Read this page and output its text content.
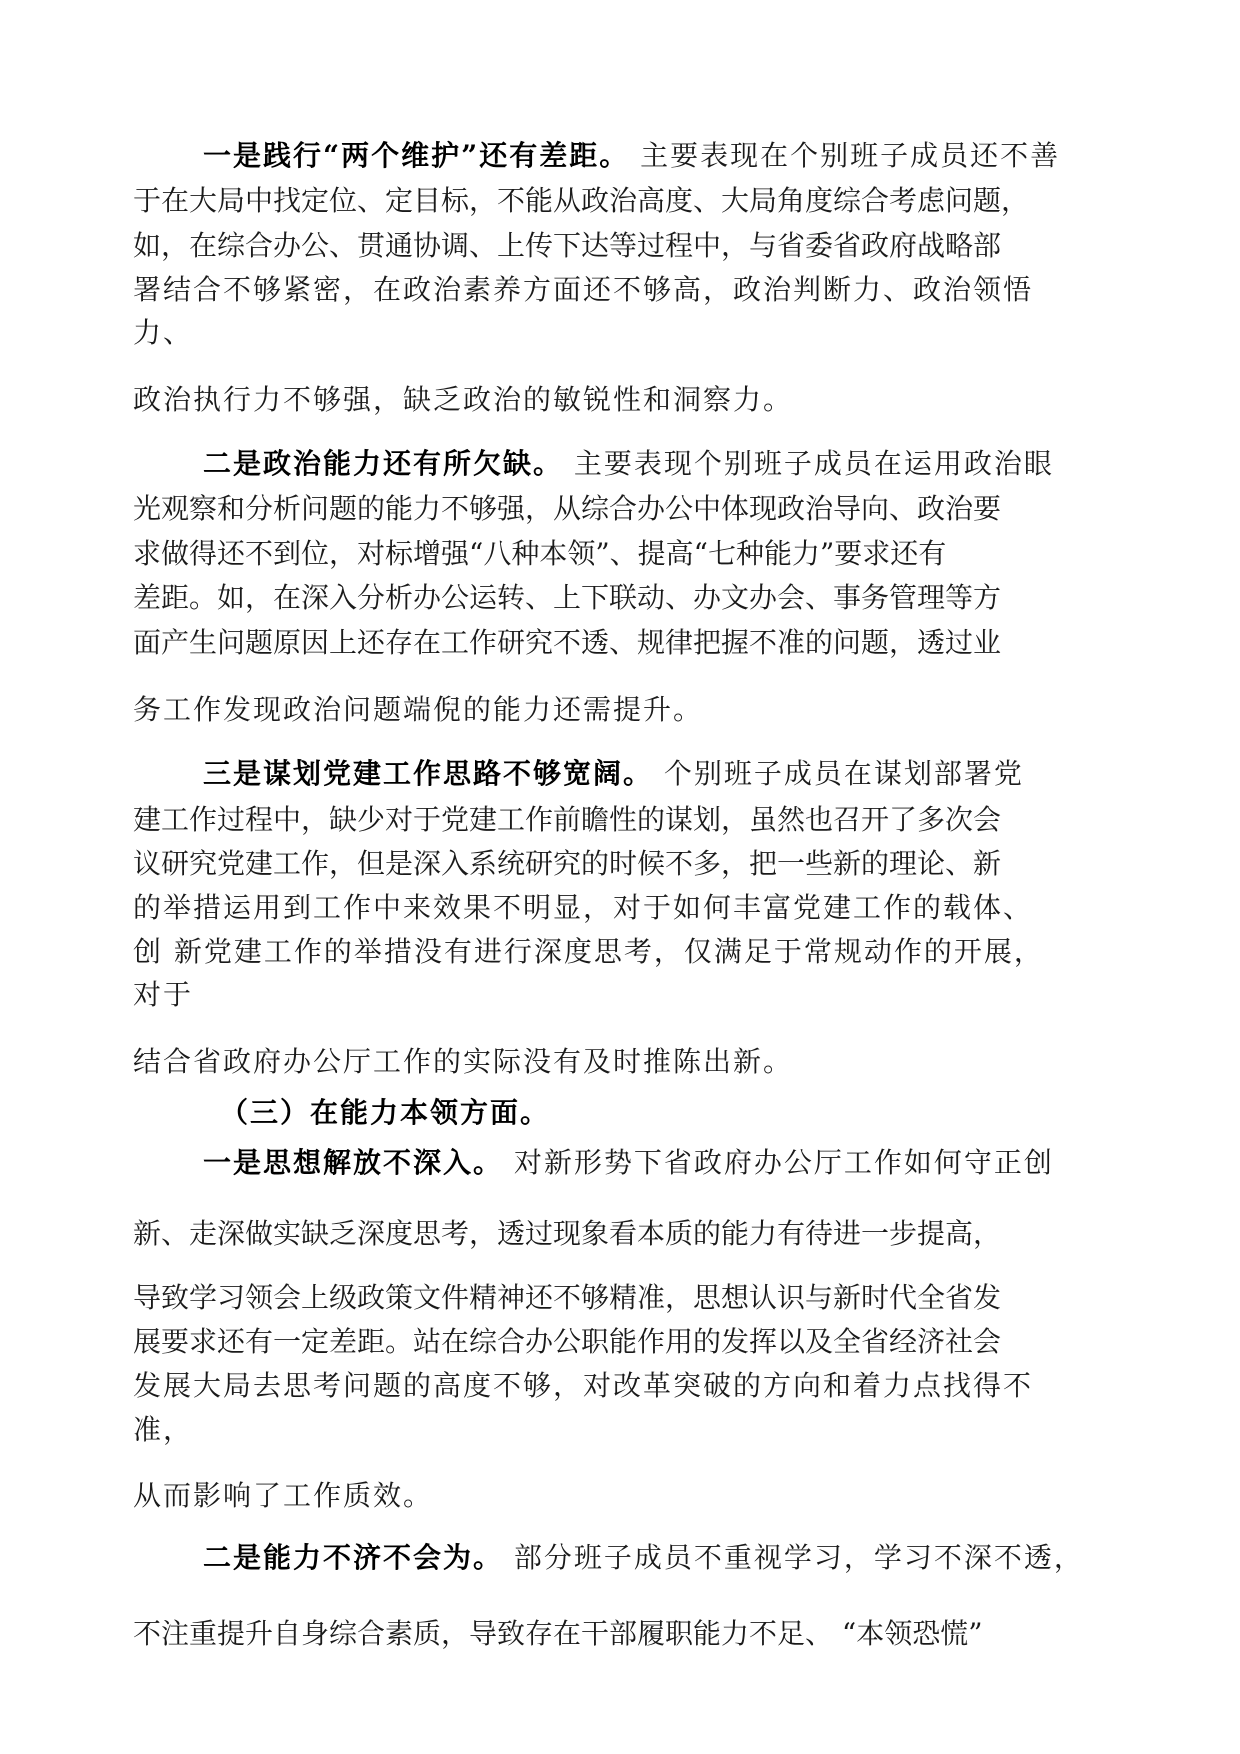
一是践行“两个维护”还有差距。 主要表现在个别班子成员还不善
于在大局中找定位、定目标，不能从政治高度、大局角度综合考虑问题，
如，在综合办公、贯通协调、上传下达等过程中，与省委省政府战略部
署结合不够紧密，在政治素养方面还不够高，政治判断力、政治领悟
力、
政治执行力不够强，缺乏政治的敏锐性和洞察力。
二是政治能力还有所欠缺。 主要表现个别班子成员在运用政治眼
光观察和分析问题的能力不够强，从综合办公中体现政治导向、政治要
求做得还不到位，对标增强“八种本领”、提高“七种能力”要求还有
差距。如，在深入分析办公运转、上下联动、办文办会、事务管理等方
面产生问题原因上还存在工作研究不透、规律把握不准的问题，透过业
务工作发现政治问题端倪的能力还需提升。
三是谋划党建工作思路不够宽阔。 个别班子成员在谋划部署党
建工作过程中，缺少对于党建工作前瞻性的谋划，虽然也召开了多次会
议研究党建工作，但是深入系统研究的时候不多，把一些新的理论、新
的举措运用到工作中来效果不明显，对于如何丰富党建工作的载体、
创 新党建工作的举措没有进行深度思考，仅满足于常规动作的开展，
对于
结合省政府办公厅工作的实际没有及时推陈出新。
（三）在能力本领方面。
一是思想解放不深入。 对新形势下省政府办公厅工作如何守正创
新、走深做实缺乏深度思考，透过现象看本质的能力有待进一步提高，
导致学习领会上级政策文件精神还不够精准，思想认识与新时代全省发
展要求还有一定差距。站在综合办公职能作用的发挥以及全省经济社会
发展大局去思考问题的高度不够，对改革突破的方向和着力点找得不
准，
从而影响了工作质效。
二是能力不济不会为。 部分班子成员不重视学习，学习不深不透，
不注重提升自身综合素质，导致存在干部履职能力不足、 “本领恐慌”
